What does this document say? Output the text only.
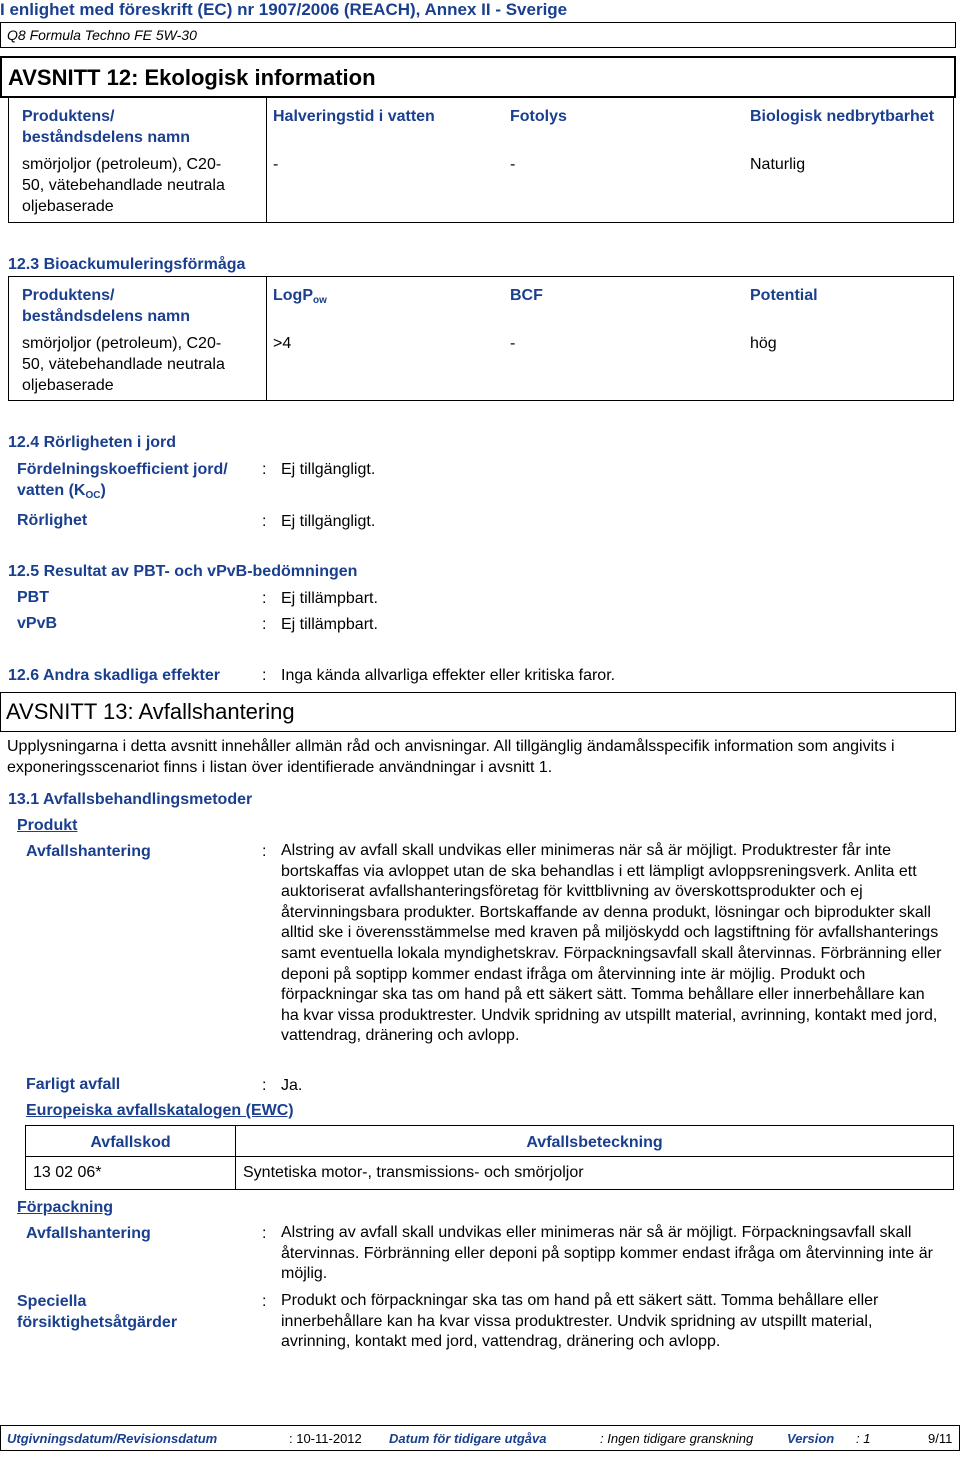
I enlighet med föreskrift (EC) nr 1907/2006 (REACH), Annex II - Sverige
Q8 Formula Techno FE 5W-30
AVSNITT 12: Ekologisk information
Produktens/ beståndsdelens namn	Halveringstid i vatten	Fotolys	Biologisk nedbrytbarhet

smörjoljor (petroleum), C20-50, vätebehandlade neutrala oljebaserade	-	-	Naturlig
12.3 Bioackumuleringsförmåga
Produktens/ beståndsdelens namn	LogPow	BCF	Potential

smörjoljor (petroleum), C20-50, vätebehandlade neutrala oljebaserade	>4	-	hög
12.4 Rörligheten i jord
Fördelningskoefficient jord/
vatten (KOC)
: Ej tillgängligt.
Rörlighet	: Ej tillgängligt.
12.5 Resultat av PBT- och vPvB-bedömningen
PBT	: Ej tillämpbart.
vPvB	: Ej tillämpbart.
12.6 Andra skadliga effekter	: Inga kända allvarliga effekter eller kritiska faror.
AVSNITT 13: Avfallshantering
Upplysningarna i detta avsnitt innehåller allmän råd och anvisningar. All tillgänglig ändamålsspecifik information som angivits i exponeringsscenariot finns i listan över identifierade användningar i avsnitt 1.
13.1 Avfallsbehandlingsmetoder
Produkt
Avfallshantering	: Alstring av avfall skall undvikas eller minimeras när så är möjligt. Produktrester får inte bortskaffas via avloppet utan de ska behandlas i ett lämpligt avloppsreningsverk. Anlita ett auktoriserat avfallshanteringsföretag för kvittblivning av överskottsprodukter och ej återvinningsbara produkter. Bortskaffande av denna produkt, lösningar och biprodukter skall alltid ske i överensstämmelse med kraven på miljöskydd och lagstiftning för avfallshanterings samt eventuella lokala myndighetskrav. Förpackningsavfall skall återvinnas. Förbränning eller deponi på soptipp kommer endast ifråga om återvinning inte är möjlig. Produkt och förpackningar ska tas om hand på ett säkert sätt. Tomma behållare eller innerbehållare kan ha kvar vissa produktrester. Undvik spridning av utspillt material, avrinning, kontakt med jord, vattendrag, dränering och avlopp.
Farligt avfall	: Ja.
Europeiska avfallskatalogen (EWC)
Avfallskod	Avfallsbeteckning

13 02 06*	Syntetiska motor-, transmissions- och smörjoljor
Förpackning
Avfallshantering	: Alstring av avfall skall undvikas eller minimeras när så är möjligt. Förpackningsavfall skall återvinnas. Förbränning eller deponi på soptipp kommer endast ifråga om återvinning inte är möjlig.
Speciella
försiktighetsåtgärder
: Produkt och förpackningar ska tas om hand på ett säkert sätt. Tomma behållare eller innerbehållare kan ha kvar vissa produktrester. Undvik spridning av utspillt material, avrinning, kontakt med jord, vattendrag, dränering och avlopp.
Utgivningsdatum/Revisionsdatum	: 10-11-2012 Datum för tidigare utgåva	: Ingen tidigare granskning	Version : 1	9/11
